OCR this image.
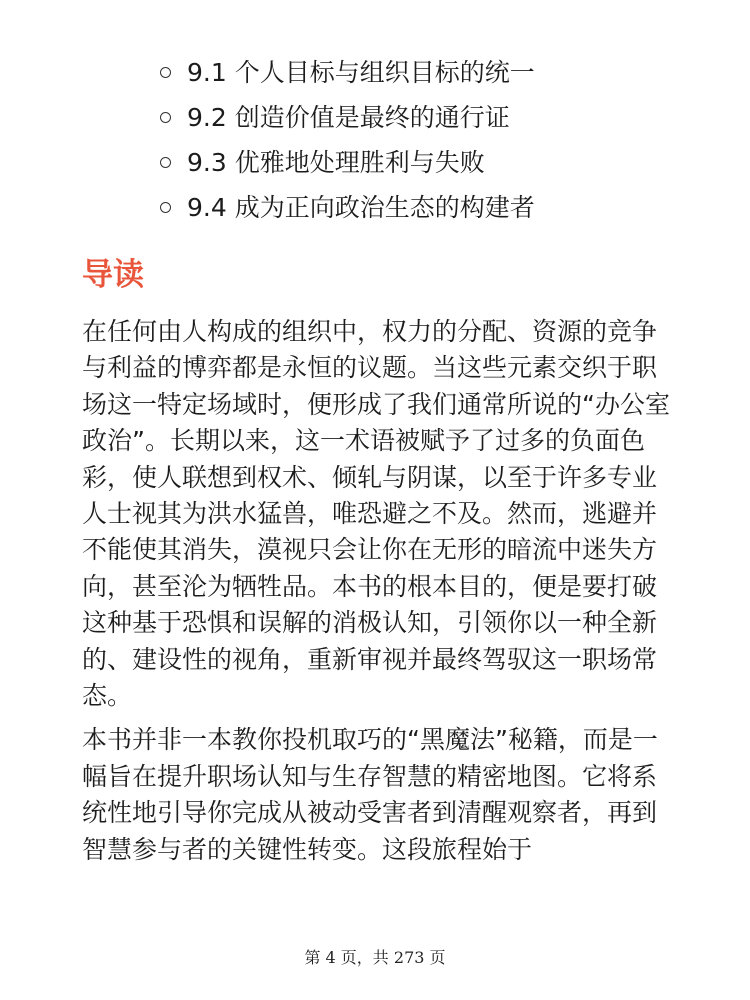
9.1 个人目标与组织目标的统一
9.2 创造价值是最终的通行证
9.3 优雅地处理胜利与失败
9.4 成为正向政治生态的构建者
导读

在任何由人构成的组织中，权力的分配、资源的竞争与利益的博弈都是永恒的议题。当这些元素交织于职场这一特定场域时，便形成了我们通常所说的“办公室政治”。长期以来，这一术语被赋予了过多的负面色彩，使人联想到权术、倾轧与阴谋，以至于许多专业人士视其为洪水猛兽，唯恐避之不及。然而，逃避并不能使其消失，漠视只会让你在无形的暗流中迷失方向，甚至沦为牺牲品。本书的根本目的，便是要打破这种基于恐惧和误解的消极认知，引领你以一种全新的、建设性的视角，重新审视并最终驾驭这一职场常态。

本书并非一本教你投机取巧的“黑魔法”秘籍，而是一幅旨在提升职场认知与生存智慧的精密地图。它将系统性地引导你完成从被动受害者到清醒观察者，再到智慧参与者的关键性转变。这段旅程始于

第 4 页，共 273 页
